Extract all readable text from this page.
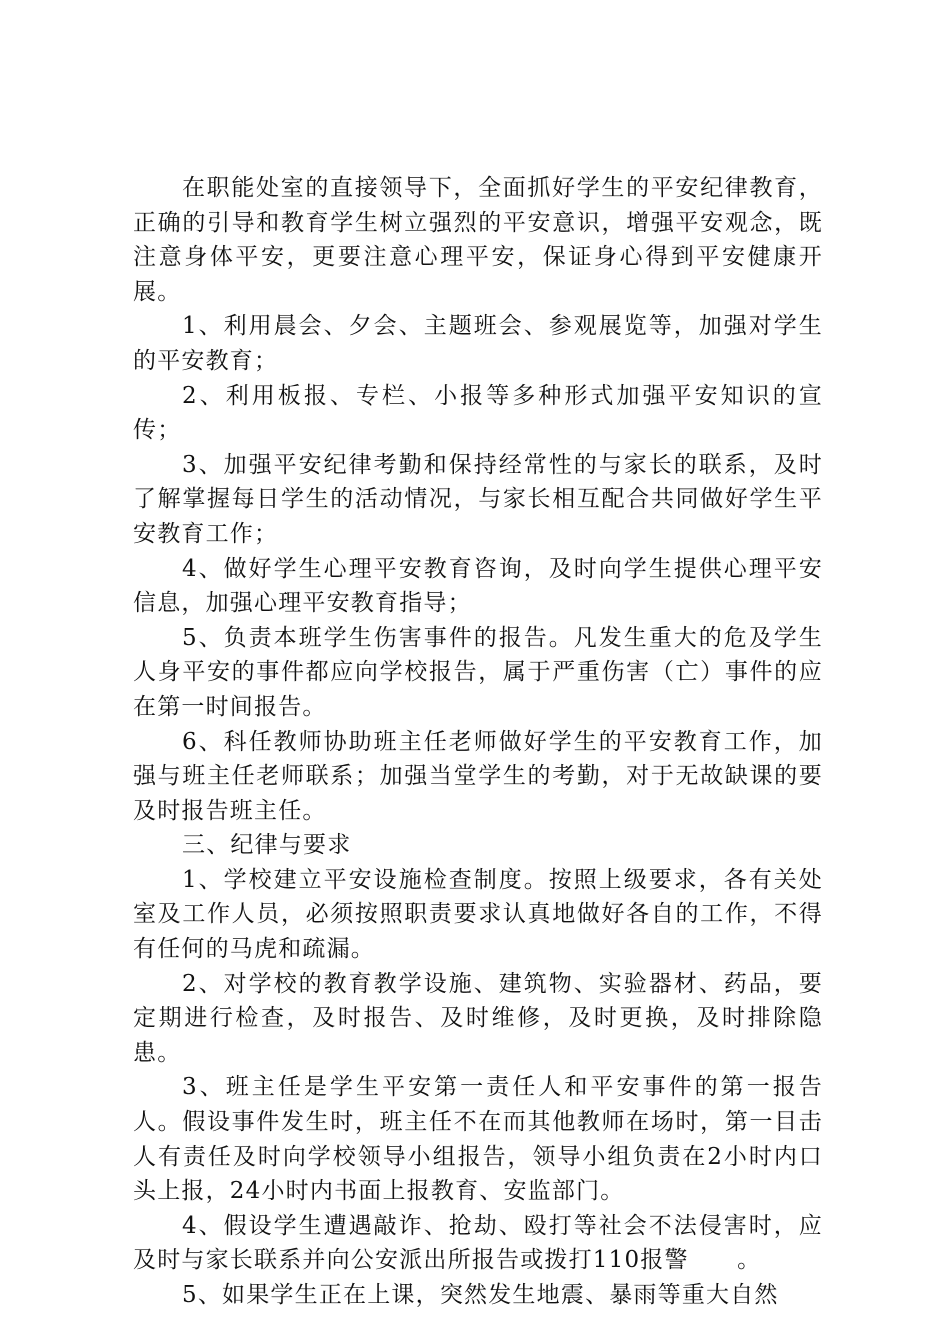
在职能处室的直接领导下，全面抓好学生的平安纪律教育，正确的引导和教育学生树立强烈的平安意识，增强平安观念，既注意身体平安，更要注意心理平安，保证身心得到平安健康开展。

1、利用晨会、夕会、主题班会、参观展览等，加强对学生的平安教育；

2、利用板报、专栏、小报等多种形式加强平安知识的宣传；

3、加强平安纪律考勤和保持经常性的与家长的联系，及时了解掌握每日学生的活动情况，与家长相互配合共同做好学生平安教育工作；

4、做好学生心理平安教育咨询，及时向学生提供心理平安信息，加强心理平安教育指导；

5、负责本班学生伤害事件的报告。凡发生重大的危及学生人身平安的事件都应向学校报告，属于严重伤害（亡）事件的应在第一时间报告。

6、科任教师协助班主任老师做好学生的平安教育工作，加强与班主任老师联系；加强当堂学生的考勤，对于无故缺课的要及时报告班主任。

三、纪律与要求

1、学校建立平安设施检查制度。按照上级要求，各有关处室及工作人员，必须按照职责要求认真地做好各自的工作，不得有任何的马虎和疏漏。

2、对学校的教育教学设施、建筑物、实验器材、药品，要定期进行检查，及时报告、及时维修，及时更换，及时排除隐患。

3、班主任是学生平安第一责任人和平安事件的第一报告人。假设事件发生时，班主任不在而其他教师在场时，第一目击人有责任及时向学校领导小组报告，领导小组负责在2小时内口头上报，24小时内书面上报教育、安监部门。

4、假设学生遭遇敲诈、抢劫、殴打等社会不法侵害时，应及时与家长联系并向公安派出所报告或拨打110报警　　。

5、如果学生正在上课，突然发生地震、暴雨等重大自然
